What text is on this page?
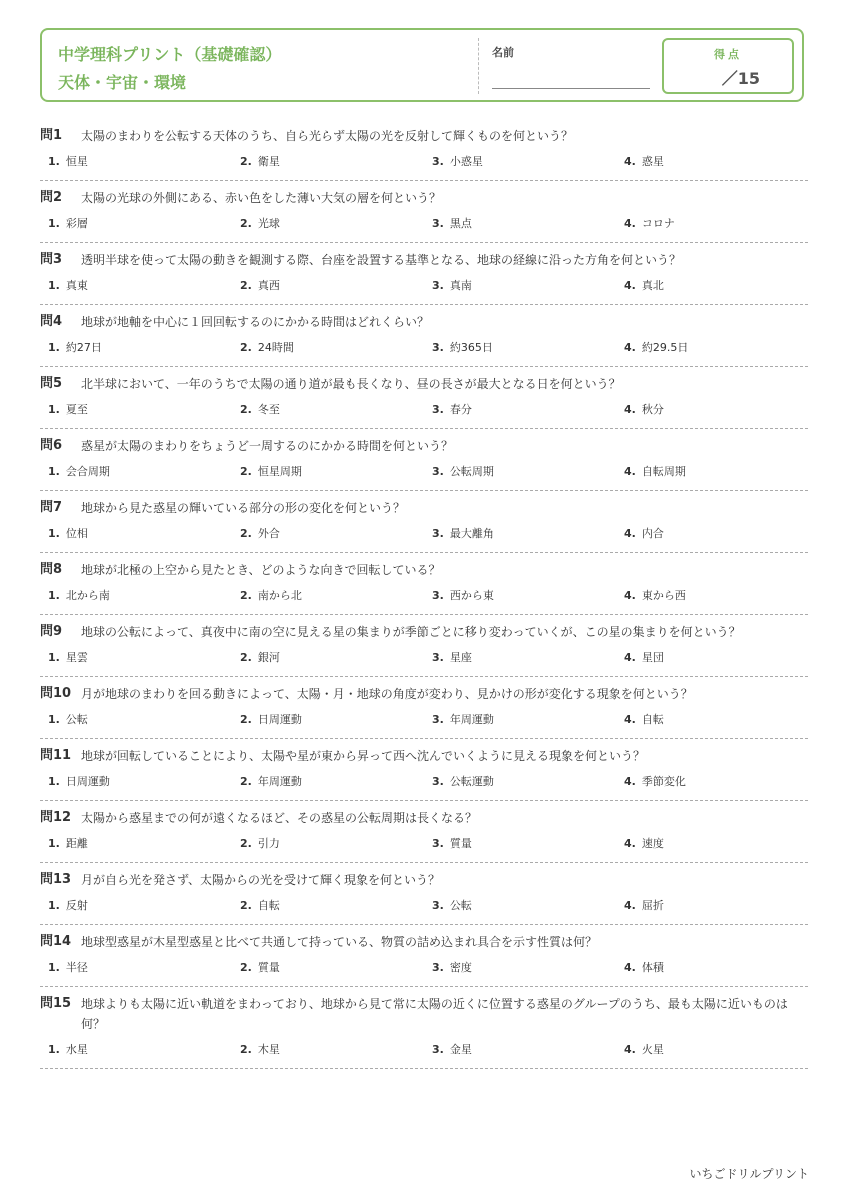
中学理科プリント（基礎確認）
天体・宇宙・環境
名前	得点
／15
問1	太陽のまわりを公転する天体のうち、自ら光らず太陽の光を反射して輝くものを何という？
1. 恒星	2. 衛星	3. 小惑星	4. 惑星
問2	太陽の光球の外側にある、赤い色をした薄い大気の層を何という？
1. 彩層	2. 光球	3. 黒点	4. コロナ
問3	透明半球を使って太陽の動きを観測する際、台座を設置する基準となる、地球の経線に沿った方角を何という？
1. 真東	2. 真西	3. 真南	4. 真北
問4	地球が地軸を中心に１回回転するのにかかる時間はどれくらい？
1. 約27日	2. 24時間	3. 約365日	4. 約29.5日
問5	北半球において、一年のうちで太陽の通り道が最も長くなり、昼の長さが最大となる日を何という？
1. 夏至	2. 冬至	3. 春分	4. 秋分
問6	惑星が太陽のまわりをちょうど一周するのにかかる時間を何という？
1. 会合周期	2. 恒星周期	3. 公転周期	4. 自転周期
問7	地球から見た惑星の輝いている部分の形の変化を何という？
1. 位相	2. 外合	3. 最大離角	4. 内合
問8	地球が北極の上空から見たとき、どのような向きで回転している？
1. 北から南	2. 南から北	3. 西から東	4. 東から西
問9	地球の公転によって、真夜中に南の空に見える星の集まりが季節ごとに移り変わっていくが、この星の集まりを何という？
1. 星雲	2. 銀河	3. 星座	4. 星団
問10 月が地球のまわりを回る動きによって、太陽・月・地球の角度が変わり、見かけの形が変化する現象を何という？
1. 公転	2. 日周運動	3. 年周運動	4. 自転
問11 地球が回転していることにより、太陽や星が東から昇って西へ沈んでいくように見える現象を何という？
1. 日周運動	2. 年周運動	3. 公転運動	4. 季節変化
問12 太陽から惑星までの何が遠くなるほど、その惑星の公転周期は長くなる？
1. 距離	2. 引力	3. 質量	4. 速度
問13 月が自ら光を発さず、太陽からの光を受けて輝く現象を何という？
1. 反射	2. 自転	3. 公転	4. 屈折
問14 地球型惑星が木星型惑星と比べて共通して持っている、物質の詰め込まれ具合を示す性質は何？
1. 半径	2. 質量	3. 密度	4. 体積
問15 地球よりも太陽に近い軌道をまわっており、地球から見て常に太陽の近くに位置する惑星のグループのうち、最も太陽に近いものは何？
1. 水星	2. 木星	3. 金星	4. 火星
いちごドリルプリント
